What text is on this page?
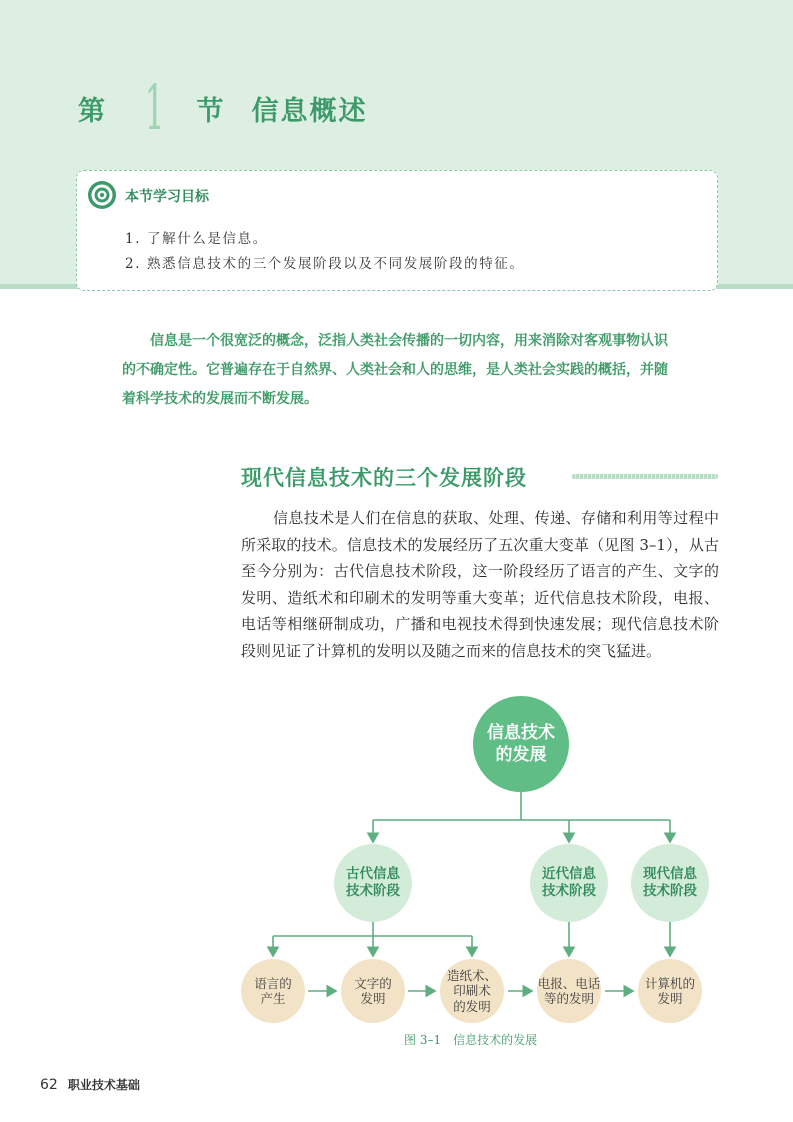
第 1 节 信息概述
本节学习目标
1. 了解什么是信息。
2. 熟悉信息技术的三个发展阶段以及不同发展阶段的特征。

信息是一个很宽泛的概念，泛指人类社会传播的一切内容，用来消除对客观事物认识的不确定性。它普遍存在于自然界、人类社会和人的思维，是人类社会实践的概括，并随着科学技术的发展而不断发展。

现代信息技术的三个发展阶段

信息技术是人们在信息的获取、处理、传递、存储和利用等过程中所采取的技术。信息技术的发展经历了五次重大变革（见图 3–1），从古至今分别为：古代信息技术阶段，这一阶段经历了语言的产生、文字的发明、造纸术和印刷术的发明等重大变革；近代信息技术阶段，电报、电话等相继研制成功，广播和电视技术得到快速发展；现代信息技术阶段则见证了计算机的发明以及随之而来的信息技术的突飞猛进。

信息技术
的发展
古代信息
技术阶段
近代信息
技术阶段
现代信息
技术阶段
语言的
产生
文字的
发明
造纸术、
印刷术
的发明
电报、电话
等的发明
计算机的
发明
图 3–1 信息技术的发展
62 职业技术基础
